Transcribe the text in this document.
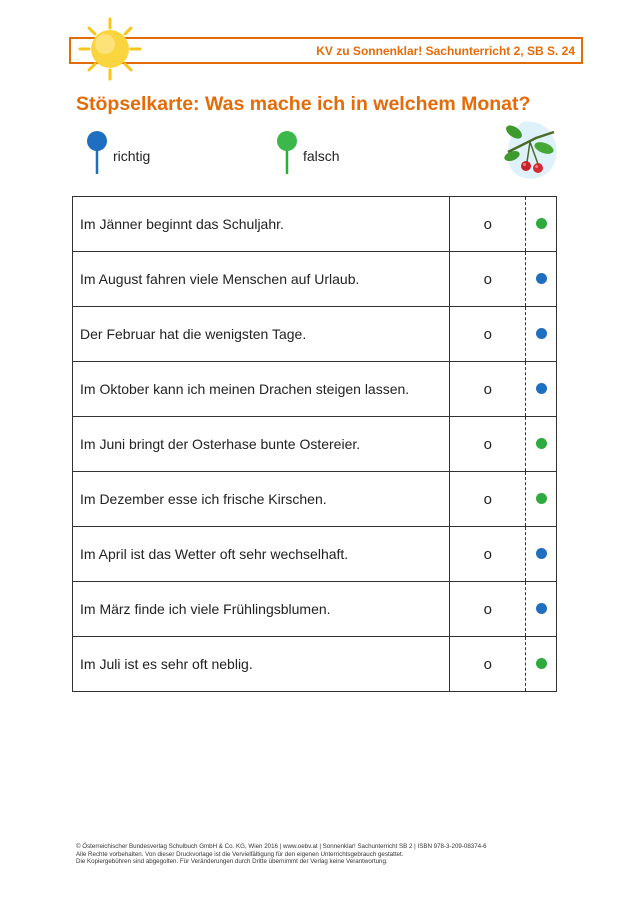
KV zu Sonnenklar! Sachunterricht 2, SB S. 24
Stöpselkarte: Was mache ich in welchem Monat?
richtig	falsch
Im Jänner beginnt das Schuljahr.	o	
Im August fahren viele Menschen auf Urlaub.	o	
Der Februar hat die wenigsten Tage.	o	
Im Oktober kann ich meinen Drachen steigen lassen.	o	
Im Juni bringt der Osterhase bunte Ostereier.	o	
Im Dezember esse ich frische Kirschen.	o	
Im April ist das Wetter oft sehr wechselhaft.	o	
Im März finde ich viele Frühlingsblumen.	o	
Im Juli ist es sehr oft neblig.	o	
© Österreichischer Bundesverlag Schulbuch GmbH & Co. KG, Wien 2016 | www.oebv.at | Sonnenklar! Sachunterricht SB 2 | ISBN 978-3-209-08374-6
Alle Rechte vorbehalten. Von dieser Druckvorlage ist die Vervielfältigung für den eigenen Unterrichtsgebrauch gestattet.
Die Kopiergebühren sind abgegolten. Für Veränderungen durch Dritte übernimmt der Verlag keine Verantwortung.
